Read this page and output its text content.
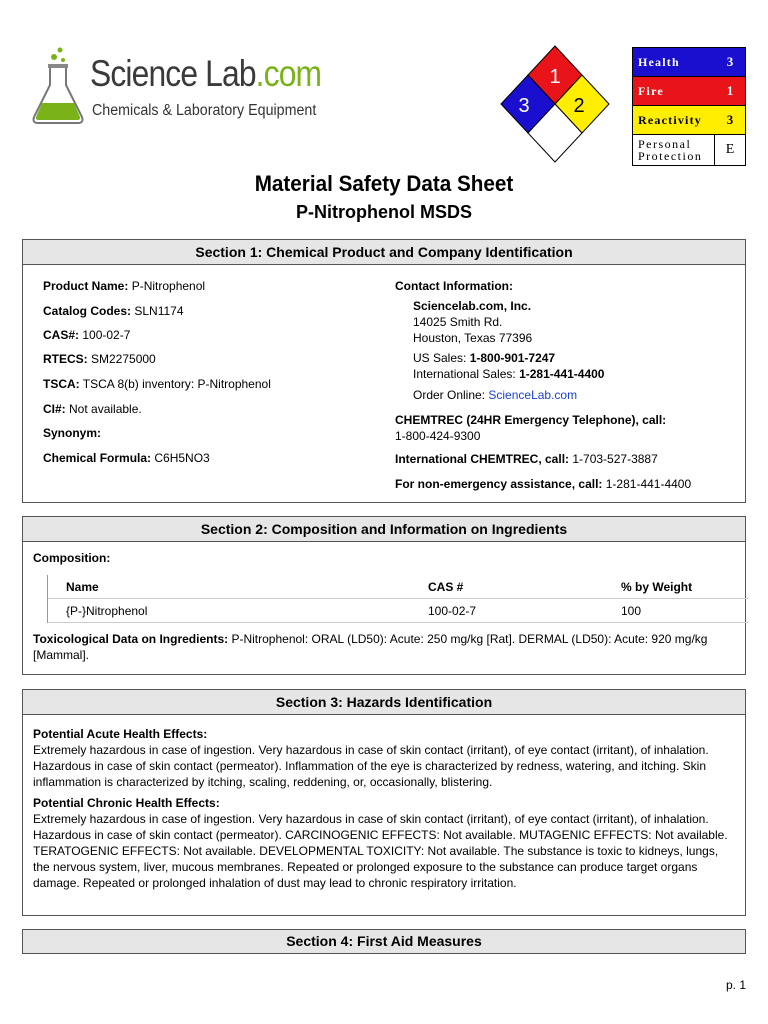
Science Lab.com
Chemicals & Laboratory Equipment
1
3 2
Health	3
Fire	1
Reactivity	3
Personal
Protection	E
Material Safety Data Sheet
P-Nitrophenol MSDS
Section 1: Chemical Product and Company Identification
Product Name: P-Nitrophenol
Catalog Codes: SLN1174
CAS#: 100-02-7
RTECS: SM2275000
TSCA: TSCA 8(b) inventory: P-Nitrophenol
CI#: Not available.
Synonym:
Chemical Formula: C6H5NO3
Contact Information:
Sciencelab.com, Inc.
14025 Smith Rd.
Houston, Texas 77396
US Sales: 1-800-901-7247
International Sales: 1-281-441-4400
Order Online: ScienceLab.com
CHEMTREC (24HR Emergency Telephone), call:
1-800-424-9300
International CHEMTREC, call: 1-703-527-3887
For non-emergency assistance, call: 1-281-441-4400
Section 2: Composition and Information on Ingredients
Composition:
Name	CAS #	% by Weight
{P-}Nitrophenol	100-02-7	100
Toxicological Data on Ingredients: P-Nitrophenol: ORAL (LD50): Acute: 250 mg/kg [Rat]. DERMAL (LD50): Acute: 920 mg/kg [Mammal].
Section 3: Hazards Identification
Potential Acute Health Effects:
Extremely hazardous in case of ingestion. Very hazardous in case of skin contact (irritant), of eye contact (irritant), of inhalation. Hazardous in case of skin contact (permeator). Inflammation of the eye is characterized by redness, watering, and itching. Skin inflammation is characterized by itching, scaling, reddening, or, occasionally, blistering.
Potential Chronic Health Effects:
Extremely hazardous in case of ingestion. Very hazardous in case of skin contact (irritant), of eye contact (irritant), of inhalation. Hazardous in case of skin contact (permeator). CARCINOGENIC EFFECTS: Not available. MUTAGENIC EFFECTS: Not available. TERATOGENIC EFFECTS: Not available. DEVELOPMENTAL TOXICITY: Not available. The substance is toxic to kidneys, lungs, the nervous system, liver, mucous membranes. Repeated or prolonged exposure to the substance can produce target organs damage. Repeated or prolonged inhalation of dust may lead to chronic respiratory irritation.
Section 4: First Aid Measures
p. 1
